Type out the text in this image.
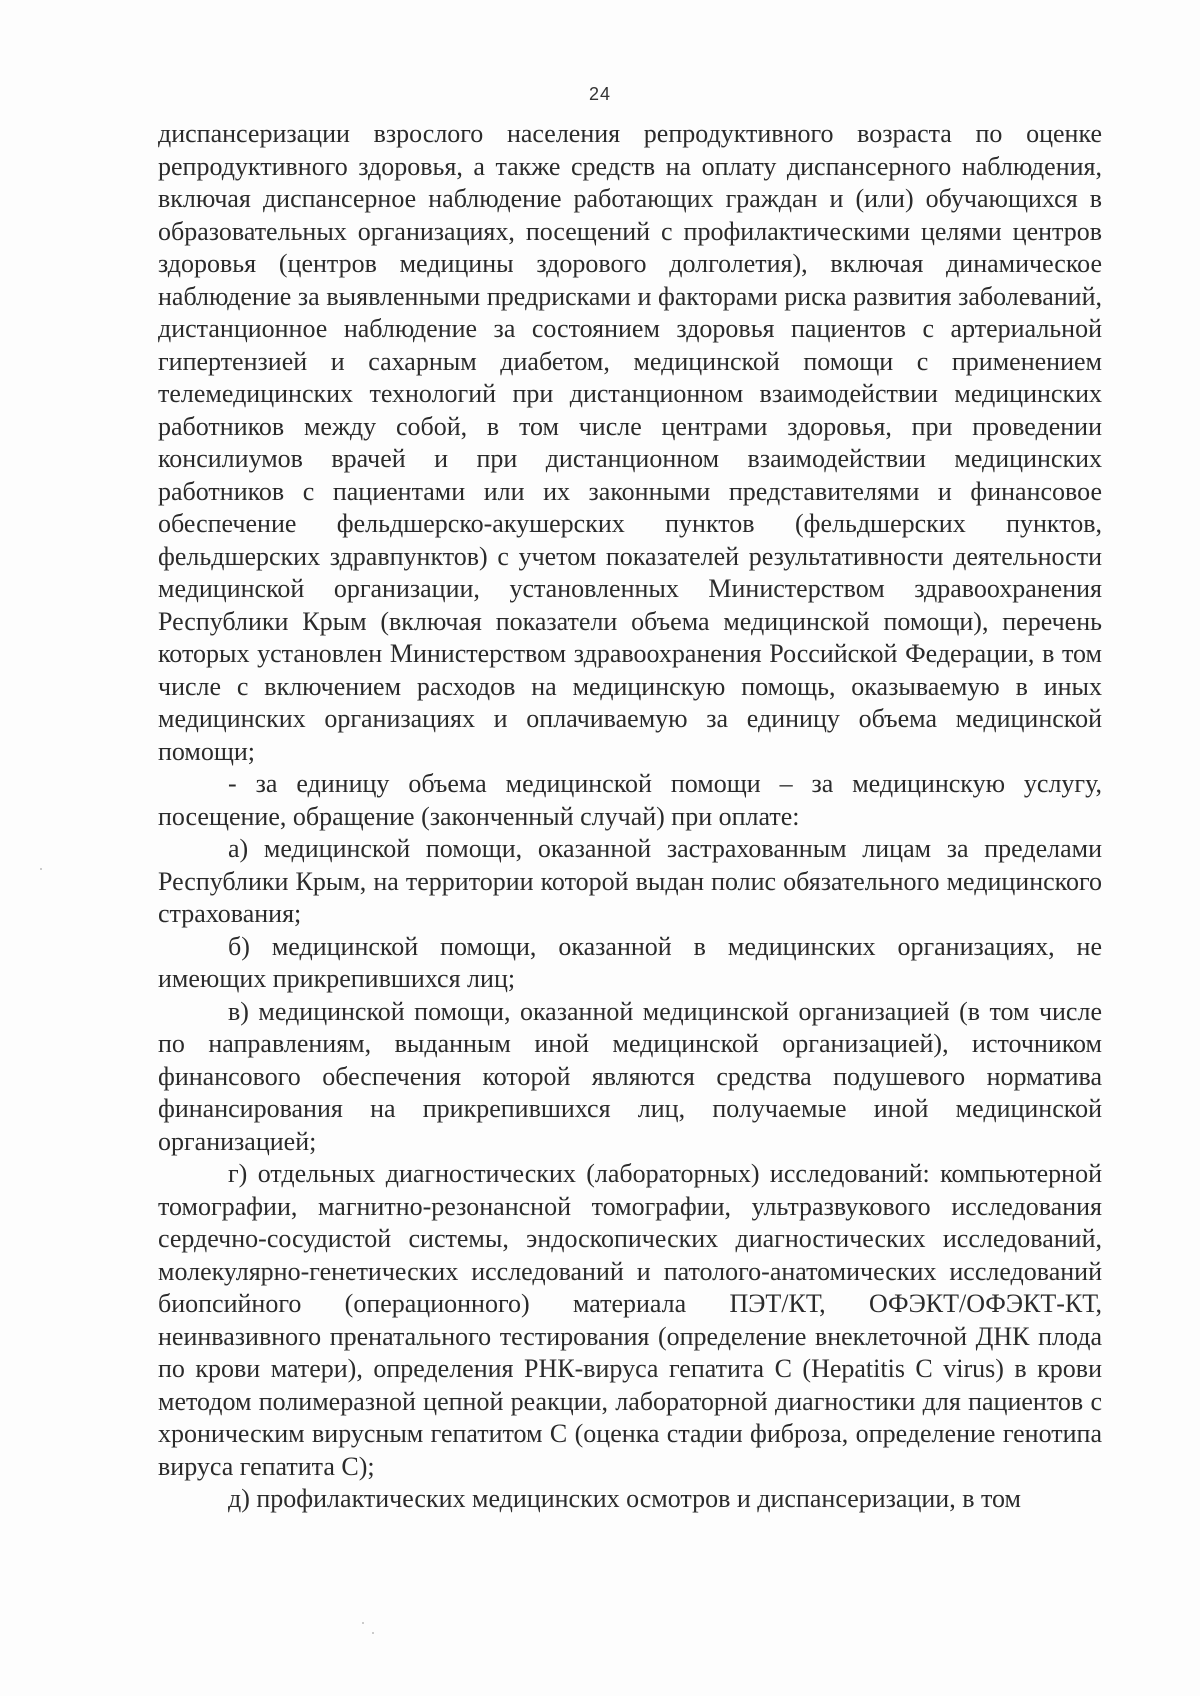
24

диспансеризации взрослого населения репродуктивного возраста по оценке репродуктивного здоровья, а также средств на оплату диспансерного наблюдения, включая диспансерное наблюдение работающих граждан и (или) обучающихся в образовательных организациях, посещений с профилактическими целями центров здоровья (центров медицины здорового долголетия), включая динамическое наблюдение за выявленными предрисками и факторами риска развития заболеваний, дистанционное наблюдение за состоянием здоровья пациентов с артериальной гипертензией и сахарным диабетом, медицинской помощи с применением телемедицинских технологий при дистанционном взаимодействии медицинских работников между собой, в том числе центрами здоровья, при проведении консилиумов врачей и при дистанционном взаимодействии медицинских работников с пациентами или их законными представителями и финансовое обеспечение фельдшерско-акушерских пунктов (фельдшерских пунктов, фельдшерских здравпунктов) с учетом показателей результативности деятельности медицинской организации, установленных Министерством здравоохранения Республики Крым (включая показатели объема медицинской помощи), перечень которых установлен Министерством здравоохранения Российской Федерации, в том числе с включением расходов на медицинскую помощь, оказываемую в иных медицинских организациях и оплачиваемую за единицу объема медицинской помощи;

- за единицу объема медицинской помощи – за медицинскую услугу, посещение, обращение (законченный случай) при оплате:

а) медицинской помощи, оказанной застрахованным лицам за пределами Республики Крым, на территории которой выдан полис обязательного медицинского страхования;

б) медицинской помощи, оказанной в медицинских организациях, не имеющих прикрепившихся лиц;

в) медицинской помощи, оказанной медицинской организацией (в том числе по направлениям, выданным иной медицинской организацией), источником финансового обеспечения которой являются средства подушевого норматива финансирования на прикрепившихся лиц, получаемые иной медицинской организацией;

г) отдельных диагностических (лабораторных) исследований: компьютерной томографии, магнитно-резонансной томографии, ультразвукового исследования сердечно-сосудистой системы, эндоскопических диагностических исследований, молекулярно-генетических исследований и патолого-анатомических исследований биопсийного (операционного) материала ПЭТ/КТ, ОФЭКТ/ОФЭКТ-КТ, неинвазивного пренатального тестирования (определение внеклеточной ДНК плода по крови матери), определения РНК-вируса гепатита С (Hepatitis C virus) в крови методом полимеразной цепной реакции, лабораторной диагностики для пациентов с хроническим вирусным гепатитом С (оценка стадии фиброза, определение генотипа вируса гепатита С);

д) профилактических медицинских осмотров и диспансеризации, в том
